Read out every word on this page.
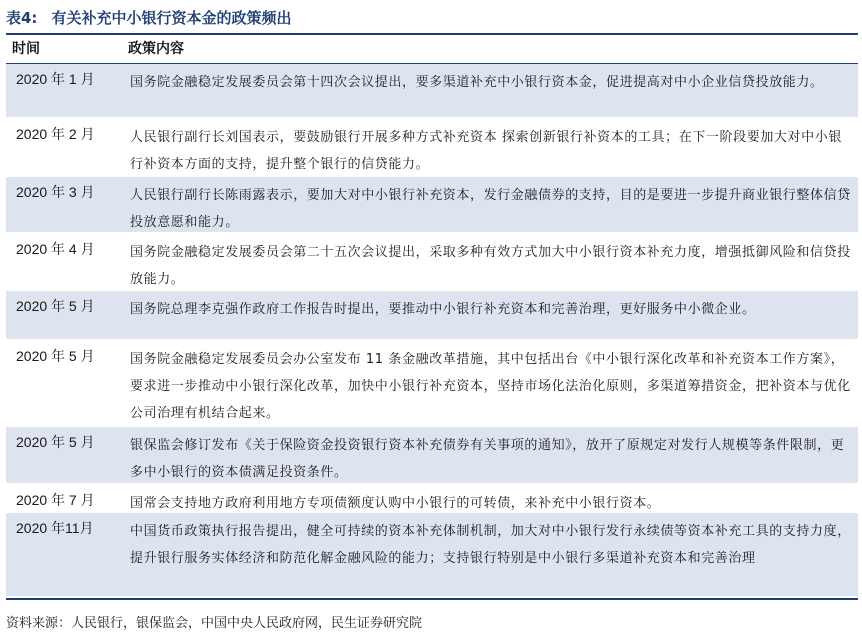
表4: 有关补充中小银行资本金的政策频出
时间	政策内容
2020 年 1 月	国务院金融稳定发展委员会第十四次会议提出，要多渠道补充中小银行资本金，促进提高对中小企业信贷投放能力。
2020 年 2 月	人民银行副行长刘国表示，要鼓励银行开展多种方式补充资本 探索创新银行补资本的工具；在下一阶段要加大对中小银行补资本方面的支持，提升整个银行的信贷能力。
2020 年 3 月	人民银行副行长陈雨露表示，要加大对中小银行补充资本，发行金融债券的支持，目的是要进一步提升商业银行整体信贷投放意愿和能力。
2020 年 4 月	国务院金融稳定发展委员会第二十五次会议提出，采取多种有效方式加大中小银行资本补充力度，增强抵御风险和信贷投放能力。
2020 年 5 月	国务院总理李克强作政府工作报告时提出，要推动中小银行补充资本和完善治理，更好服务中小微企业。
2020 年 5 月	国务院金融稳定发展委员会办公室发布 11 条金融改革措施，其中包括出台《中小银行深化改革和补充资本工作方案》，要求进一步推动中小银行深化改革，加快中小银行补充资本，坚持市场化法治化原则，多渠道筹措资金，把补资本与优化公司治理有机结合起来。
2020 年 5 月	银保监会修订发布《关于保险资金投资银行资本补充债券有关事项的通知》，放开了原规定对发行人规模等条件限制，更多中小银行的资本债满足投资条件。
2020 年 7 月	国常会支持地方政府利用地方专项债额度认购中小银行的可转债，来补充中小银行资本。
2020 年11月	中国货币政策执行报告提出，健全可持续的资本补充体制机制，加大对中小银行发行永续债等资本补充工具的支持力度，提升银行服务实体经济和防范化解金融风险的能力；支持银行特别是中小银行多渠道补充资本和完善治理
资料来源：人民银行，银保监会，中国中央人民政府网，民生证券研究院
